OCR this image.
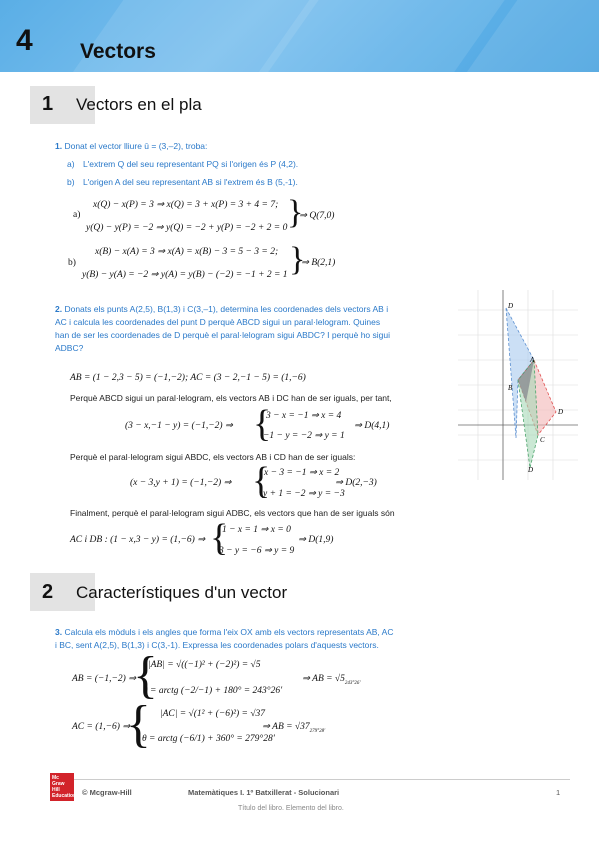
4 Vectors
1 Vectors en el pla
1. Donat el vector lliure ū = (3,–2), troba:
a) L'extrem Q del seu representant PQ si l'origen és P (4,2).
b) L'origen A del seu representant AB si l'extrem és B (5,-1).
a)
x(Q) − x(P) = 3 ⇒ x(Q) = 3 + x(P) = 3 + 4 = 7;
y(Q) − y(P) = −2 ⇒ y(Q) = −2 + y(P) = −2 + 2 = 0 }
⇒ Q(7,0)
b)
x(B) − x(A) = 3 ⇒ x(A) = x(B) − 3 = 5 − 3 = 2;
y(B) − y(A) = −2 ⇒ y(A) = y(B) − (−2) = −1 + 2 = 1 }
⇒ B(2,1)
2. Donats els punts A(2,5), B(1,3) i C(3,–1), determina les coordenades dels vectors AB i
AC i calcula les coordenades del punt D perquè ABCD sigui un paral·lelogram. Quines
han de ser les coordenades de D perquè el paral·lelogram sigui ABDC? I perquè ho sigui
ADBC?
AB = (1 − 2,3 − 5) = (−1,−2); AC = (3 − 2,−1 − 5) = (1,−6)
Perquè ABCD sigui un paral·lelogram, els vectors AB i DC han de ser iguals, per tant,
(3 − x,−1 − y) = (−1,−2) ⇒ {
3 − x = −1 ⇒ x = 4
−1 − y = −2 ⇒ y = 1
⇒ D(4,1)
Perquè el paral·lelogram sigui ABDC, els vectors AB i CD han de ser iguals:
(x − 3,y + 1) = (−1,−2) ⇒ {
x − 3 = −1 ⇒ x = 2
y + 1 = −2 ⇒ y = −3
⇒ D(2,−3)
Finalment, perquè el paral·lelogram sigui ADBC, els vectors que han de ser iguals són
AC i DB : (1 − x,3 − y) = (1,−6) ⇒ {
1 − x = 1 ⇒ x = 0
3 − y = −6 ⇒ y = 9
⇒ D(1,9)
D
A
B
C
D
D
2 Característiques d'un vector
3. Calcula els mòduls i els angles que forma l'eix OX amb els vectors representats AB, AC
i BC, sent A(2,5), B(1,3) i C(3,-1). Expressa les coordenades polars d'aquests vectors.
AB = (−1,−2) ⇒
{
|AB| = √((−1)² + (−2)²) = √5
θ = arctg (−2/−1) + 180° = 243°26'
⇒ AB = $√5_{243^\circ 26'}$
AC = (1,−6) ⇒
{ |AC| = √(1² + (−6)²) = √37
θ = arctg (−6/1) + 360° = 279°28'
⇒ AB = $√37_{279^\circ 28'}$
Mc Graw Hill Education © Mcgraw-Hill	Matemàtiques I. 1º Batxillerat - Solucionari	1
Título del libro. Elemento del libro.
